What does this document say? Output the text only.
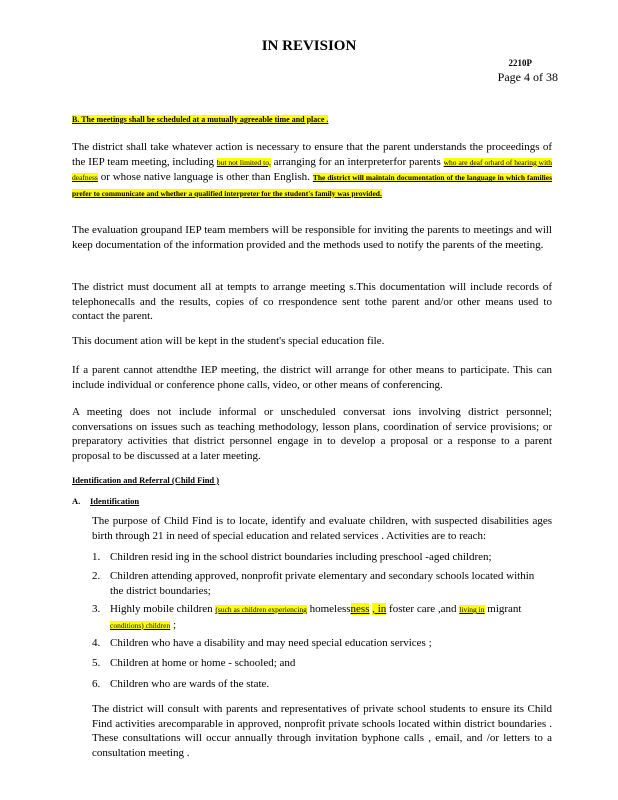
IN REVISION
2210P
Page 4 of 38
B. The meetings shall be scheduled at a mutually agreeable time and place .

The district shall take whatever action is necessary to ensure that the parent understands the proceedings of the IEP team meeting, including but not limited to, arranging for an interpreterfor parents who are deaf orhard of hearing with deafness or whose native language is other than English. The district will maintain documentation of the language in which families prefer to communicate and whether a qualified interpreter for the student's family was provided.

The evaluation groupand IEP team members will be responsible for inviting the parents to meetings and will keep documentation of the information provided and the methods used to notify the parents of the meeting.

The district must document all at tempts to arrange meeting s.This documentation will include records of telephonecalls and the results, copies of co rrespondence sent tothe parent and/or other means used to contact the parent.

This document ation will be kept in the student's special education file.

If a parent cannot attendthe IEP meeting, the district will arrange for other means to participate. This can include individual or conference phone calls, video, or other means of conferencing.

A meeting does not include informal or unscheduled conversat ions involving district personnel; conversations on issues such as teaching methodology, lesson plans, coordination of service provisions; or preparatory activities that district personnel engage in to develop a proposal or a response to a parent proposal to be discussed at a later meeting.

Identification and Referral (Child Find )
A. Identification

The purpose of Child Find is to locate, identify and evaluate children, with suspected disabilities ages birth through 21 in need of special education and related services . Activities are to reach:

1. Children resid ing in the school district boundaries including preschool -aged children;
2. Children attending approved, nonprofit private elementary and secondary schools located within the district boundaries;
3. Highly mobile children (such as children experiencing homelessness , in foster care ,and living in migrant conditions) children ;
4. Children who have a disability and may need special education services ;
5. Children at home or home - schooled; and
6. Children who are wards of the state.

The district will consult with parents and representatives of private school students to ensure its Child Find activities arecomparable in approved, nonprofit private schools located within district boundaries . These consultations will occur annually through invitation byphone calls , email, and /or letters to a consultation meeting .
